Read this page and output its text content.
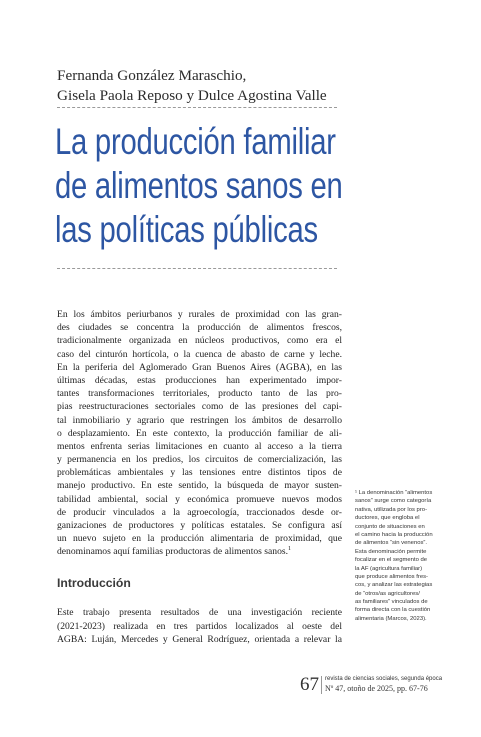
Fernanda González Maraschio,
Gisela Paola Reposo y Dulce Agostina Valle
La producción familiar
de alimentos sanos en
las políticas públicas
En los ámbitos periurbanos y rurales de proximidad con las gran-
des ciudades se concentra la producción de alimentos frescos,
tradicionalmente organizada en núcleos productivos, como era el
caso del cinturón hortícola, o la cuenca de abasto de carne y leche.
En la periferia del Aglomerado Gran Buenos Aires (AGBA), en las
últimas décadas, estas producciones han experimentado impor-
tantes transformaciones territoriales, producto tanto de las pro-
pias reestructuraciones sectoriales como de las presiones del capi-
tal inmobiliario y agrario que restringen los ámbitos de desarrollo
o desplazamiento. En este contexto, la producción familiar de ali-
mentos enfrenta serias limitaciones en cuanto al acceso a la tierra
y permanencia en los predios, los circuitos de comercialización, las
problemáticas ambientales y las tensiones entre distintos tipos de
manejo productivo. En este sentido, la búsqueda de mayor susten-
tabilidad ambiental, social y económica promueve nuevos modos
de producir vinculados a la agroecología, traccionados desde or-
ganizaciones de productores y políticas estatales. Se configura así
un nuevo sujeto en la producción alimentaria de proximidad, que
denominamos aquí familias productoras de alimentos sanos.$^1$
Introducción
Este trabajo presenta resultados de una investigación reciente
(2021-2023) realizada en tres partidos localizados al oeste del
AGBA: Luján, Mercedes y General Rodríguez, orientada a relevar la
¹ La denominación “alimentos
sanos” surge como categoría
nativa, utilizada por los pro-
ductores, que engloba el
conjunto de situaciones en
el camino hacia la producción
de alimentos “sin venenos”.
Esta denominación permite
focalizar en el segmento de
la AF (agricultura familiar)
que produce alimentos fres-
cos, y analizar las estrategias
de “otros/as agricultores/
as familiares” vinculados de
forma directa con la cuestión
alimentaria (Marcos, 2023).
67 revista de ciencias sociales, segunda época
Nº 47, otoño de 2025, pp. 67-76
